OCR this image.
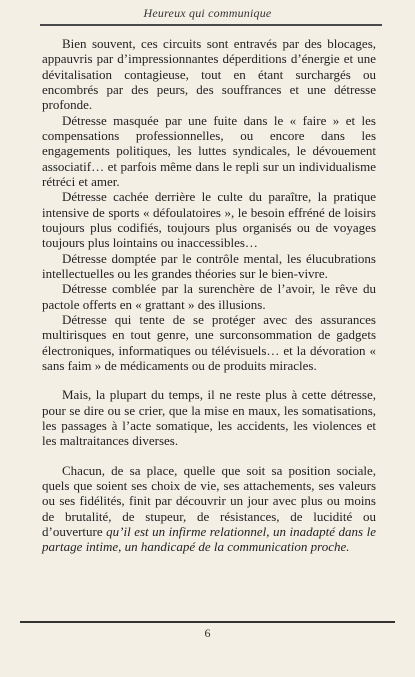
Heureux qui communique

Bien souvent, ces circuits sont entravés par des blocages, appauvris par d’impressionnantes déperditions d’énergie et une dévitalisation contagieuse, tout en étant surchargés ou encombrés par des peurs, des souffrances et une détresse profonde.

Détresse masquée par une fuite dans le « faire » et les compensations professionnelles, ou encore dans les engagements politiques, les luttes syndicales, le dévouement associatif… et parfois même dans le repli sur un individualisme rétréci et amer.

Détresse cachée derrière le culte du paraître, la pratique intensive de sports « défoulatoires », le besoin effréné de loisirs toujours plus codifiés, toujours plus organisés ou de voyages toujours plus lointains ou inaccessibles…

Détresse domptée par le contrôle mental, les élucubrations intellectuelles ou les grandes théories sur le bien-vivre.

Détresse comblée par la surenchère de l’avoir, le rêve du pactole offerts en « grattant » des illusions.

Détresse qui tente de se protéger avec des assurances multirisques en tout genre, une surconsommation de gadgets électroniques, informatiques ou télévisuels… et la dévoration « sans faim » de médicaments ou de produits miracles.

Mais, la plupart du temps, il ne reste plus à cette détresse, pour se dire ou se crier, que la mise en maux, les somatisations, les passages à l’acte somatique, les accidents, les violences et les maltraitances diverses.

Chacun, de sa place, quelle que soit sa position sociale, quels que soient ses choix de vie, ses attachements, ses valeurs ou ses fidélités, finit par découvrir un jour avec plus ou moins de brutalité, de stupeur, de résistances, de lucidité ou d’ouverture qu’il est un infirme relationnel, un inadapté dans le partage intime, un handicapé de la communication proche.

6
